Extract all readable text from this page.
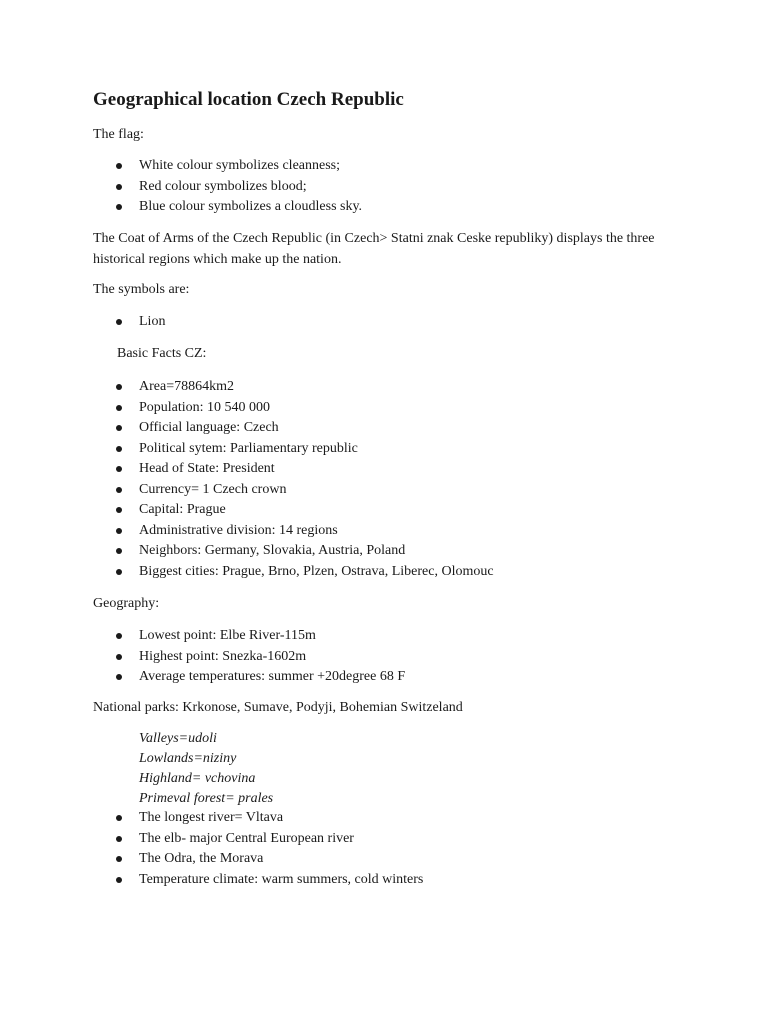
Geographical location Czech Republic
The flag:
White colour symbolizes cleanness;
Red colour symbolizes blood;
Blue colour symbolizes a cloudless sky.
The Coat of Arms of the Czech Republic (in Czech> Statni znak Ceske republiky) displays the three historical regions which make up the nation.
The symbols are:
Lion
Basic Facts CZ:
Area=78864km2
Population: 10 540 000
Official language: Czech
Political sytem: Parliamentary republic
Head of State: President
Currency= 1 Czech crown
Capital: Prague
Administrative division: 14 regions
Neighbors: Germany, Slovakia, Austria, Poland
Biggest cities: Prague, Brno, Plzen, Ostrava, Liberec, Olomouc
Geography:
Lowest point: Elbe River-115m
Highest point: Snezka-1602m
Average temperatures: summer +20degree 68 F
National parks: Krkonose, Sumave, Podyji, Bohemian Switzeland
Valleys=udoli
Lowlands=niziny
Highland= vchovina
Primeval forest= prales
The longest river= Vltava
The elb- major Central European river
The Odra, the Morava
Temperature climate: warm summers, cold winters
